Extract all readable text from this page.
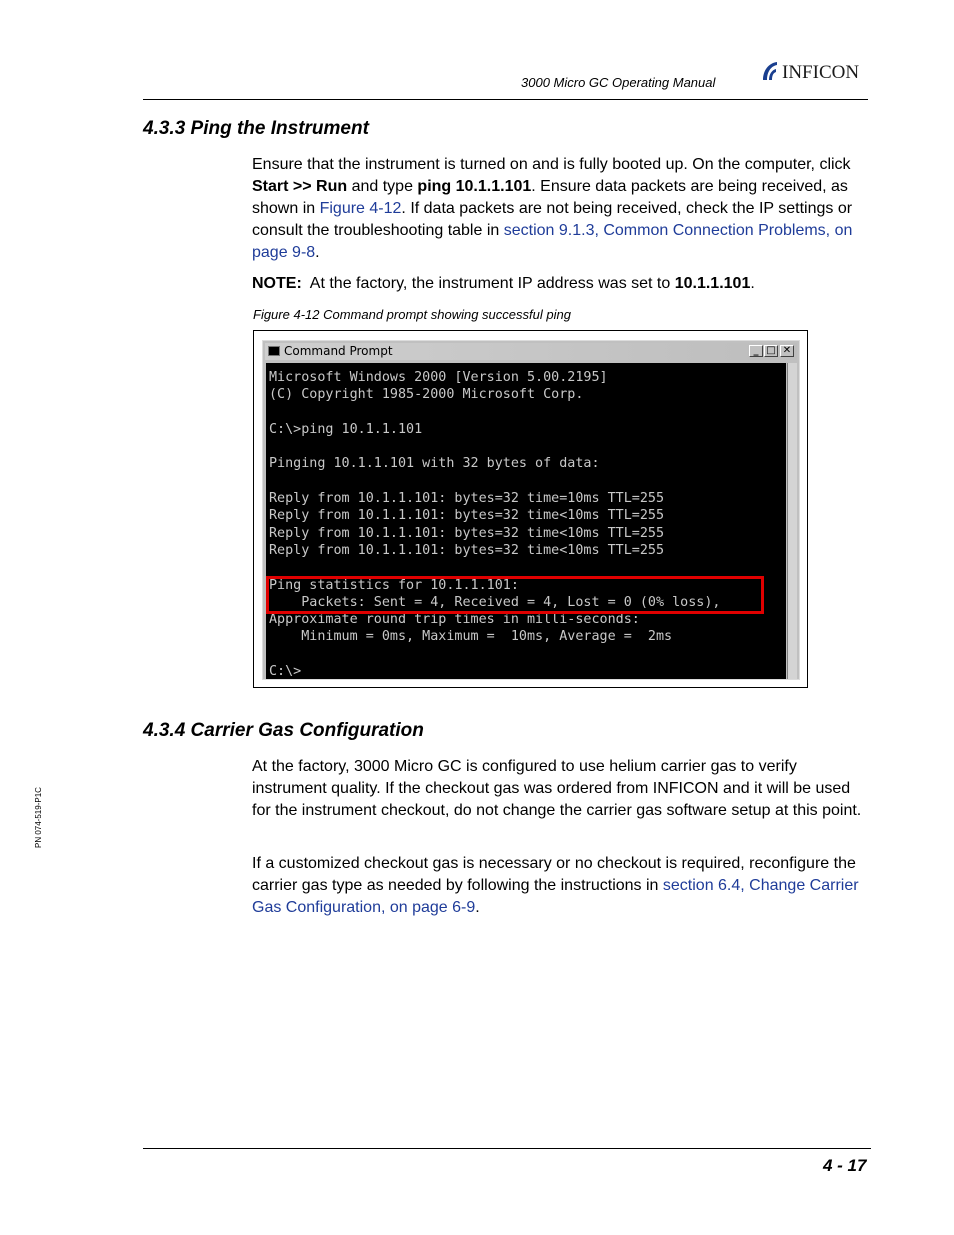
3000 Micro GC Operating Manual	INFICON
4.3.3 Ping the Instrument

Ensure that the instrument is turned on and is fully booted up. On the computer, click Start >> Run and type ping 10.1.1.101. Ensure data packets are being received, as shown in Figure 4-12. If data packets are not being received, check the IP settings or consult the troubleshooting table in section 9.1.3, Common Connection Problems, on page 9-8.

NOTE: At the factory, the instrument IP address was set to 10.1.1.101.

Figure 4-12 Command prompt showing successful ping
Command Prompt	_ □ ✕
Microsoft Windows 2000 [Version 5.00.2195]
(C) Copyright 1985-2000 Microsoft Corp.

C:\>ping 10.1.1.101

Pinging 10.1.1.101 with 32 bytes of data:

Reply from 10.1.1.101: bytes=32 time=10ms TTL=255
Reply from 10.1.1.101: bytes=32 time<10ms TTL=255
Reply from 10.1.1.101: bytes=32 time<10ms TTL=255
Reply from 10.1.1.101: bytes=32 time<10ms TTL=255

Ping statistics for 10.1.1.101:
Packets: Sent = 4, Received = 4, Lost = 0 (0% loss),
Approximate round trip times in milli-seconds:
Minimum = 0ms, Maximum =  10ms, Average =  2ms

C:\>
4.3.4 Carrier Gas Configuration

At the factory, 3000 Micro GC is configured to use helium carrier gas to verify instrument quality. If the checkout gas was ordered from INFICON and it will be used for the instrument checkout, do not change the carrier gas software setup at this point.

If a customized checkout gas is necessary or no checkout is required, reconfigure the carrier gas type as needed by following the instructions in section 6.4, Change Carrier Gas Configuration, on page 6-9.

PN 074-519-P1C
4 - 17
